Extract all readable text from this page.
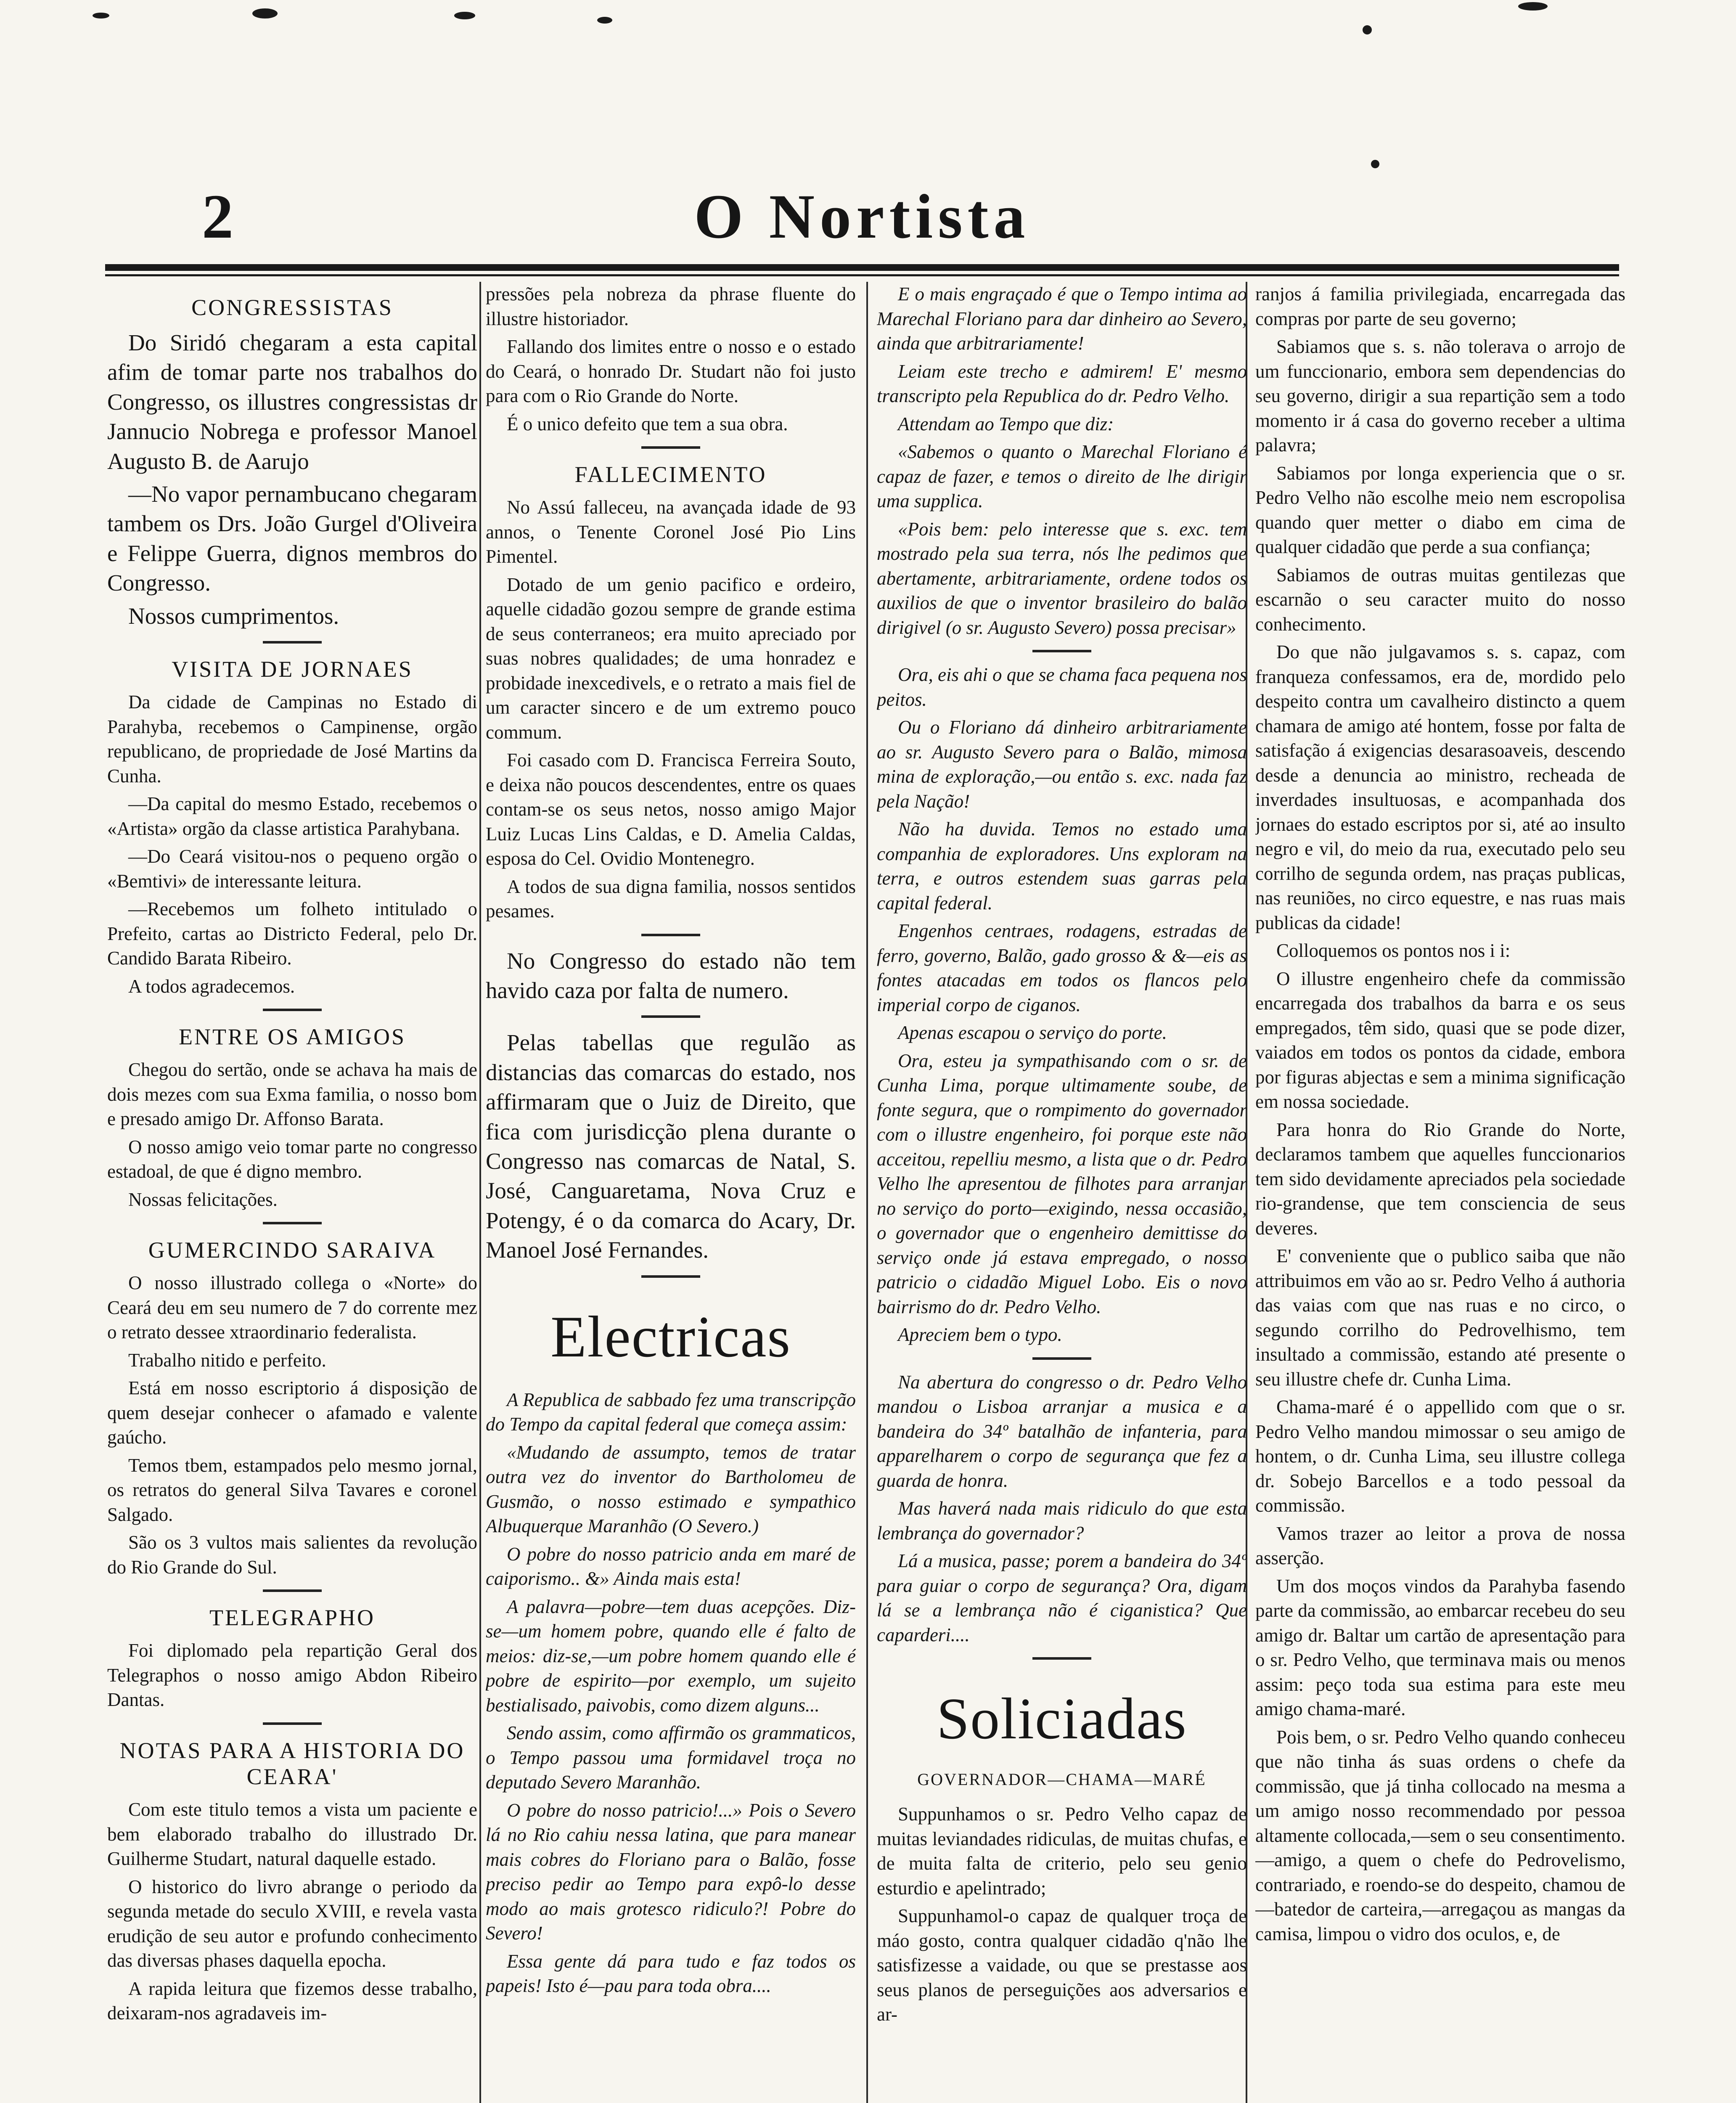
2	O Nortista
CONGRESSISTAS

Do Siridó chegaram a esta capital afim de tomar parte nos trabalhos do Congresso, os illustres congressistas dr Jannucio Nobrega e professor Manoel Augusto B. de Aarujo

—No vapor pernambucano chegaram tambem os Drs. João Gurgel d'Oliveira e Felippe Guerra, dignos membros do Congresso.

Nossos cumprimentos.

VISITA DE JORNAES

Da cidade de Campinas no Estado di Parahyba, recebemos o Campinense, orgão republicano, de propriedade de José Martins da Cunha.

—Da capital do mesmo Estado, recebemos o «Artista» orgão da classe artistica Parahybana.

—Do Ceará visitou-nos o pequeno orgão o «Bemtivi» de interessante leitura.

—Recebemos um folheto intitulado o Prefeito, cartas ao Districto Federal, pelo Dr. Candido Barata Ribeiro.

A todos agradecemos.

ENTRE OS AMIGOS

Chegou do sertão, onde se achava ha mais de dois mezes com sua Exma familia, o nosso bom e presado amigo Dr. Affonso Barata.

O nosso amigo veio tomar parte no congresso estadoal, de que é digno membro.

Nossas felicitações.

GUMERCINDO SARAIVA

O nosso illustrado collega o «Norte» do Ceará deu em seu numero de 7 do corrente mez o retrato dessee xtraordinario federalista.

Trabalho nitido e perfeito.

Está em nosso escriptorio á disposição de quem desejar conhecer o afamado e valente gaúcho.

Temos tbem, estampados pelo mesmo jornal, os retratos do general Silva Tavares e coronel Salgado.

São os 3 vultos mais salientes da revolução do Rio Grande do Sul.

TELEGRAPHO

Foi diplomado pela repartição Geral dos Telegraphos o nosso amigo Abdon Ribeiro Dantas.

NOTAS PARA A HISTORIA DO CEARA'

Com este titulo temos a vista um paciente e bem elaborado trabalho do illustrado Dr. Guilherme Studart, natural daquelle estado.

O historico do livro abrange o periodo da segunda metade do seculo XVIII, e revela vasta erudição de seu autor e profundo conhecimento das diversas phases daquella epocha.

A rapida leitura que fizemos desse trabalho, deixaram-nos agradaveis im-

pressões pela nobreza da phrase fluente do illustre historiador.

Fallando dos limites entre o nosso e o estado do Ceará, o honrado Dr. Studart não foi justo para com o Rio Grande do Norte.

É o unico defeito que tem a sua obra.

FALLECIMENTO

No Assú falleceu, na avançada idade de 93 annos, o Tenente Coronel José Pio Lins Pimentel.

Dotado de um genio pacifico e ordeiro, aquelle cidadão gozou sempre de grande estima de seus conterraneos; era muito apreciado por suas nobres qualidades; de uma honradez e probidade inexcedivels, e o retrato a mais fiel de um caracter sincero e de um extremo pouco commum.

Foi casado com D. Francisca Ferreira Souto, e deixa não poucos descendentes, entre os quaes contam-se os seus netos, nosso amigo Major Luiz Lucas Lins Caldas, e D. Amelia Caldas, esposa do Cel. Ovidio Montenegro.

A todos de sua digna familia, nossos sentidos pesames.

No Congresso do estado não tem havido caza por falta de numero.

Pelas tabellas que regulão as distancias das comarcas do estado, nos affirmaram que o Juiz de Direito, que fica com jurisdicção plena durante o Congresso nas comarcas de Natal, S. José, Canguaretama, Nova Cruz e Potengy, é o da comarca do Acary, Dr. Manoel José Fernandes.

Electricas

A Republica de sabbado fez uma transcripção do Tempo da capital federal que começa assim:

«Mudando de assumpto, temos de tratar outra vez do inventor do Bartholomeu de Gusmão, o nosso estimado e sympathico Albuquerque Maranhão (O Severo.)

O pobre do nosso patricio anda em maré de caiporismo.. &» Ainda mais esta!

A palavra—pobre—tem duas acepções. Diz-se—um homem pobre, quando elle é falto de meios: diz-se,—um pobre homem quando elle é pobre de espirito—por exemplo, um sujeito bestialisado, paivobis, como dizem alguns...

Sendo assim, como affirmão os grammaticos, o Tempo passou uma formidavel troça no deputado Severo Maranhão.

O pobre do nosso patricio!...» Pois o Severo lá no Rio cahiu nessa latina, que para manear mais cobres do Floriano para o Balão, fosse preciso pedir ao Tempo para expô-lo desse modo ao mais grotesco ridiculo?! Pobre do Severo!

Essa gente dá para tudo e faz todos os papeis! Isto é—pau para toda obra....

E o mais engraçado é que o Tempo intima ao Marechal Floriano para dar dinheiro ao Severo, ainda que arbitrariamente!

Leiam este trecho e admirem! E' mesmo transcripto pela Republica do dr. Pedro Velho.

Attendam ao Tempo que diz:

«Sabemos o quanto o Marechal Floriano é capaz de fazer, e temos o direito de lhe dirigir uma supplica.

«Pois bem: pelo interesse que s. exc. tem mostrado pela sua terra, nós lhe pedimos que abertamente, arbitrariamente, ordene todos os auxilios de que o inventor brasileiro do balão dirigivel (o sr. Augusto Severo) possa precisar»

Ora, eis ahi o que se chama faca pequena nos peitos.

Ou o Floriano dá dinheiro arbitrariamente ao sr. Augusto Severo para o Balão, mimosa mina de exploração,—ou então s. exc. nada faz pela Nação!

Não ha duvida. Temos no estado uma companhia de exploradores. Uns exploram na terra, e outros estendem suas garras pela capital federal.

Engenhos centraes, rodagens, estradas de ferro, governo, Balão, gado grosso & &—eis as fontes atacadas em todos os flancos pelo imperial corpo de ciganos.

Apenas escapou o serviço do porte.

Ora, esteu ja sympathisando com o sr. de Cunha Lima, porque ultimamente soube, de fonte segura, que o rompimento do governador com o illustre engenheiro, foi porque este não acceitou, repelliu mesmo, a lista que o dr. Pedro Velho lhe apresentou de filhotes para arranjar no serviço do porto—exigindo, nessa occasião, o governador que o engenheiro demittisse do serviço onde já estava empregado, o nosso patricio o cidadão Miguel Lobo. Eis o novo bairrismo do dr. Pedro Velho.

Apreciem bem o typo.

Na abertura do congresso o dr. Pedro Velho mandou o Lisboa arranjar a musica e a bandeira do 34º batalhão de infanteria, para apparelharem o corpo de segurança que fez a guarda de honra.

Mas haverá nada mais ridiculo do que esta lembrança do governador?

Lá a musica, passe; porem a bandeira do 34º para guiar o corpo de segurança? Ora, digam lá se a lembrança não é ciganistica? Que caparderi....

Soliciadas
GOVERNADOR—CHAMA—MARÉ

Suppunhamos o sr. Pedro Velho capaz de muitas leviandades ridiculas, de muitas chufas, e de muita falta de criterio, pelo seu genio esturdio e apelintrado;

Suppunhamol-o capaz de qualquer troça de máo gosto, contra qualquer cidadão q'não lhe satisfizesse a vaidade, ou que se prestasse aos seus planos de perseguições aos adversarios e ar-

ranjos á familia privilegiada, encarregada das compras por parte de seu governo;

Sabiamos que s. s. não tolerava o arrojo de um funccionario, embora sem dependencias do seu governo, dirigir a sua repartição sem a todo momento ir á casa do governo receber a ultima palavra;

Sabiamos por longa experiencia que o sr. Pedro Velho não escolhe meio nem escropolisa quando quer metter o diabo em cima de qualquer cidadão que perde a sua confiança;

Sabiamos de outras muitas gentilezas que escarnão o seu caracter muito do nosso conhecimento.

Do que não julgavamos s. s. capaz, com franqueza confessamos, era de, mordido pelo despeito contra um cavalheiro distincto a quem chamara de amigo até hontem, fosse por falta de satisfação á exigencias desarasoaveis, descendo desde a denuncia ao ministro, recheada de inverdades insultuosas, e acompanhada dos jornaes do estado escriptos por si, até ao insulto negro e vil, do meio da rua, executado pelo seu corrilho de segunda ordem, nas praças publicas, nas reuniões, no circo equestre, e nas ruas mais publicas da cidade!

Colloquemos os pontos nos i i:

O illustre engenheiro chefe da commissão encarregada dos trabalhos da barra e os seus empregados, têm sido, quasi que se pode dizer, vaiados em todos os pontos da cidade, embora por figuras abjectas e sem a minima significação em nossa sociedade.

Para honra do Rio Grande do Norte, declaramos tambem que aquelles funccionarios tem sido devidamente apreciados pela sociedade rio-grandense, que tem consciencia de seus deveres.

E' conveniente que o publico saiba que não attribuimos em vão ao sr. Pedro Velho á authoria das vaias com que nas ruas e no circo, o segundo corrilho do Pedrovelhismo, tem insultado a commissão, estando até presente o seu illustre chefe dr. Cunha Lima.

Chama-maré é o appellido com que o sr. Pedro Velho mandou mimossar o seu amigo de hontem, o dr. Cunha Lima, seu illustre collega dr. Sobejo Barcellos e a todo pessoal da commissão.

Vamos trazer ao leitor a prova de nossa asserção.

Um dos moços vindos da Parahyba fasendo parte da commissão, ao embarcar recebeu do seu amigo dr. Baltar um cartão de apresentação para o sr. Pedro Velho, que terminava mais ou menos assim: peço toda sua estima para este meu amigo chama-maré.

Pois bem, o sr. Pedro Velho quando conheceu que não tinha ás suas ordens o chefe da commissão, que já tinha collocado na mesma a um amigo nosso recommendado por pessoa altamente collocada,—sem o seu consentimento.—amigo, a quem o chefe do Pedrovelismo, contrariado, e roendo-se do despeito, chamou de—batedor de carteira,—arregaçou as mangas da camisa, limpou o vidro dos oculos, e, de
